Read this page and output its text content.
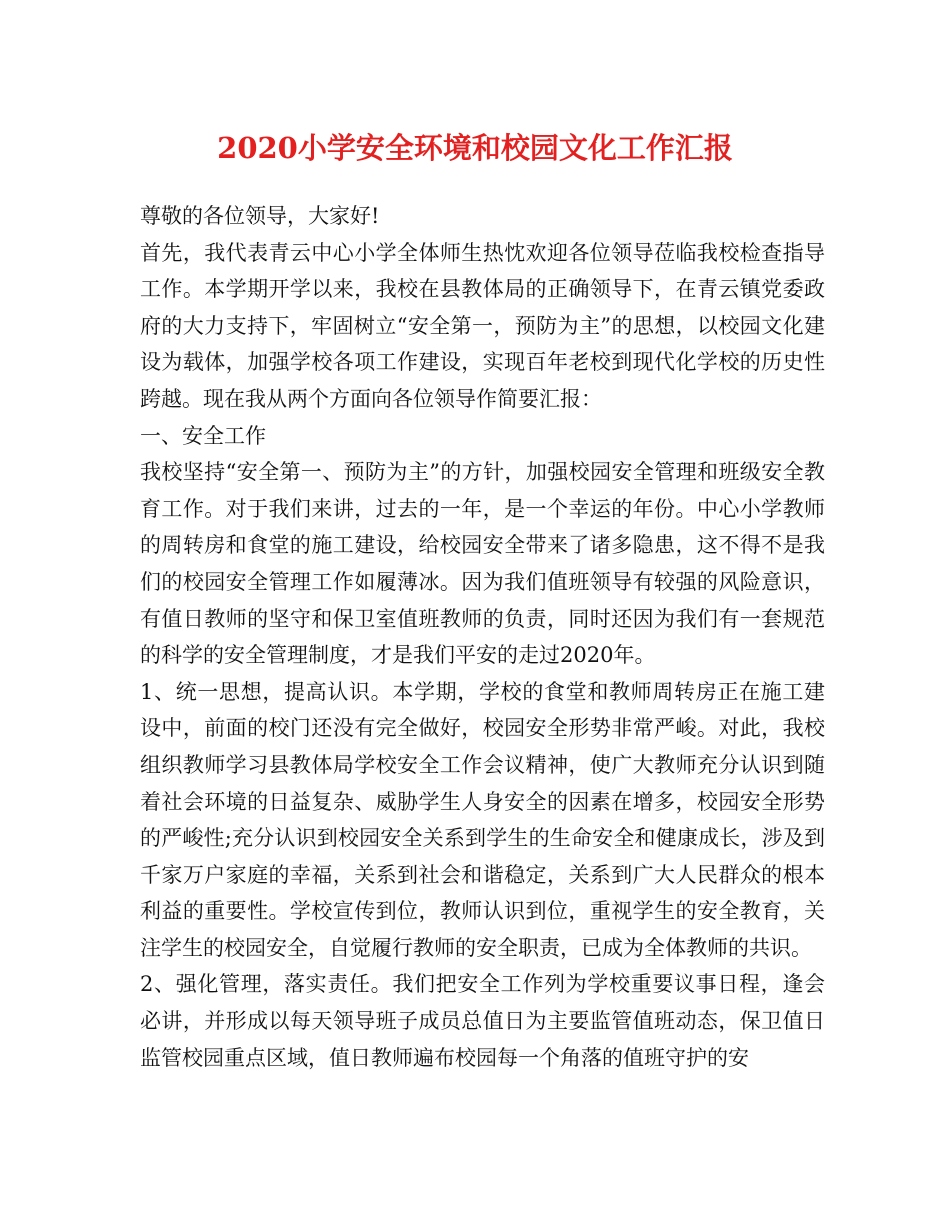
2020小学安全环境和校园文化工作汇报

尊敬的各位领导，大家好!

首先，我代表青云中心小学全体师生热忱欢迎各位领导莅临我校检查指导工作。本学期开学以来，我校在县教体局的正确领导下，在青云镇党委政府的大力支持下，牢固树立“安全第一，预防为主”的思想，以校园文化建设为载体，加强学校各项工作建设，实现百年老校到现代化学校的历史性跨越。现在我从两个方面向各位领导作简要汇报：

一、安全工作

我校坚持“安全第一、预防为主”的方针，加强校园安全管理和班级安全教育工作。对于我们来讲，过去的一年，是一个幸运的年份。中心小学教师的周转房和食堂的施工建设，给校园安全带来了诸多隐患，这不得不是我们的校园安全管理工作如履薄冰。因为我们值班领导有较强的风险意识，有值日教师的坚守和保卫室值班教师的负责，同时还因为我们有一套规范的科学的安全管理制度，才是我们平安的走过2020年。

1、统一思想，提高认识。本学期，学校的食堂和教师周转房正在施工建设中，前面的校门还没有完全做好，校园安全形势非常严峻。对此，我校组织教师学习县教体局学校安全工作会议精神，使广大教师充分认识到随着社会环境的日益复杂、威胁学生人身安全的因素在增多，校园安全形势的严峻性;充分认识到校园安全关系到学生的生命安全和健康成长，涉及到千家万户家庭的幸福，关系到社会和谐稳定，关系到广大人民群众的根本利益的重要性。学校宣传到位，教师认识到位，重视学生的安全教育，关注学生的校园安全，自觉履行教师的安全职责，已成为全体教师的共识。

2、强化管理，落实责任。我们把安全工作列为学校重要议事日程，逢会必讲，并形成以每天领导班子成员总值日为主要监管值班动态，保卫值日监管校园重点区域，值日教师遍布校园每一个角落的值班守护的安
